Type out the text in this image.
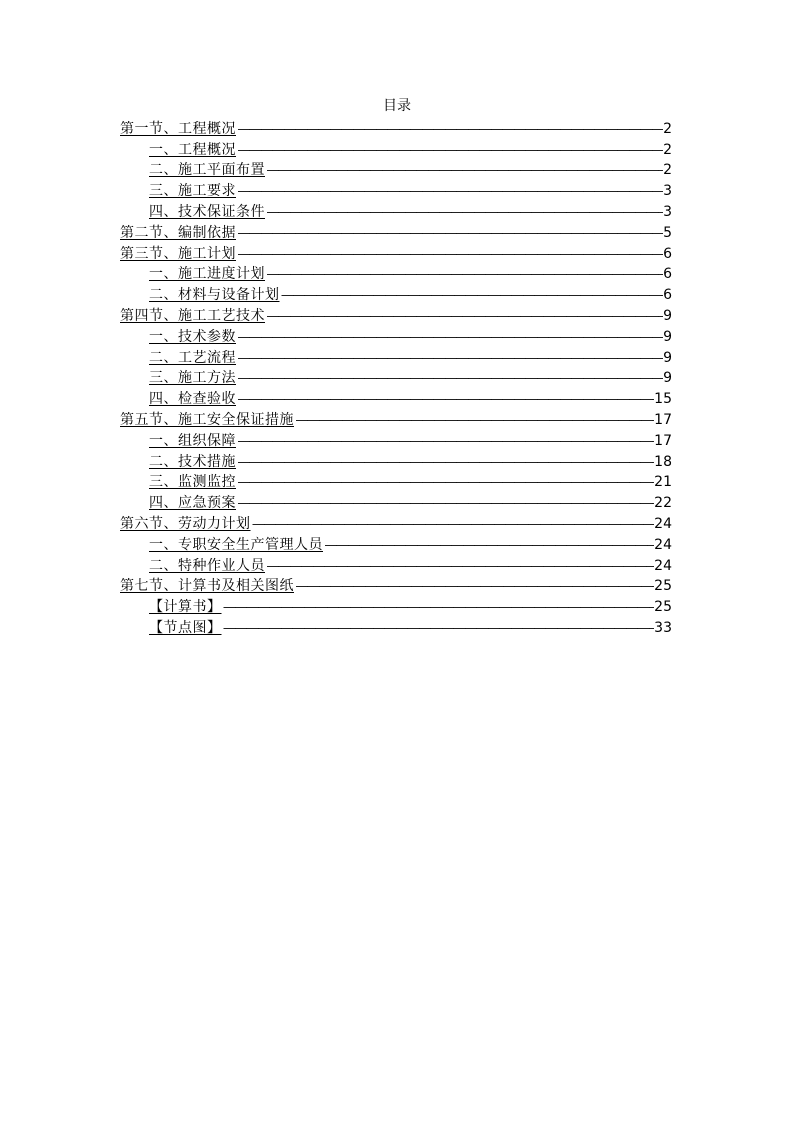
目录
第一节、工程概况 ――――――――――――――――――――――――――――――――――――――――――――――――――――――――――――――――――――――――――――――――――――――――	2
一、工程概况 ――――――――――――――――――――――――――――――――――――――――――――――――――――――――――――――――――――――――――――――――――――――――	2
二、施工平面布置 ――――――――――――――――――――――――――――――――――――――――――――――――――――――――――――――――――――――――――――――――――――――――	2
三、施工要求 ――――――――――――――――――――――――――――――――――――――――――――――――――――――――――――――――――――――――――――――――――――――――	3
四、技术保证条件 ――――――――――――――――――――――――――――――――――――――――――――――――――――――――――――――――――――――――――――――――――――――――	3
第二节、编制依据 ――――――――――――――――――――――――――――――――――――――――――――――――――――――――――――――――――――――――――――――――――――――――	5
第三节、施工计划 ――――――――――――――――――――――――――――――――――――――――――――――――――――――――――――――――――――――――――――――――――――――――	6
一、施工进度计划 ――――――――――――――――――――――――――――――――――――――――――――――――――――――――――――――――――――――――――――――――――――――――	6
二、材料与设备计划 ――――――――――――――――――――――――――――――――――――――――――――――――――――――――――――――――――――――――――――――――――――――――	6
第四节、施工工艺技术 ――――――――――――――――――――――――――――――――――――――――――――――――――――――――――――――――――――――――――――――――――――――――	9
一、技术参数 ――――――――――――――――――――――――――――――――――――――――――――――――――――――――――――――――――――――――――――――――――――――――	9
二、工艺流程 ――――――――――――――――――――――――――――――――――――――――――――――――――――――――――――――――――――――――――――――――――――――――	9
三、施工方法 ――――――――――――――――――――――――――――――――――――――――――――――――――――――――――――――――――――――――――――――――――――――――	9
四、检查验收 ――――――――――――――――――――――――――――――――――――――――――――――――――――――――――――――――――――――――――――――――――――――――	15
第五节、施工安全保证措施 ――――――――――――――――――――――――――――――――――――――――――――――――――――――――――――――――――――――――――――――――――――――――	17
一、组织保障 ――――――――――――――――――――――――――――――――――――――――――――――――――――――――――――――――――――――――――――――――――――――――	17
二、技术措施 ――――――――――――――――――――――――――――――――――――――――――――――――――――――――――――――――――――――――――――――――――――――――	18
三、监测监控 ――――――――――――――――――――――――――――――――――――――――――――――――――――――――――――――――――――――――――――――――――――――――	21
四、应急预案 ――――――――――――――――――――――――――――――――――――――――――――――――――――――――――――――――――――――――――――――――――――――――	22
第六节、劳动力计划 ――――――――――――――――――――――――――――――――――――――――――――――――――――――――――――――――――――――――――――――――――――――――	24
一、专职安全生产管理人员 ――――――――――――――――――――――――――――――――――――――――――――――――――――――――――――――――――――――――――――――――――――――――	24
二、特种作业人员 ――――――――――――――――――――――――――――――――――――――――――――――――――――――――――――――――――――――――――――――――――――――――	24
第七节、计算书及相关图纸 ――――――――――――――――――――――――――――――――――――――――――――――――――――――――――――――――――――――――――――――――――――――――	25
【计算书】 ――――――――――――――――――――――――――――――――――――――――――――――――――――――――――――――――――――――――――――――――――――――――	25
【节点图】 ――――――――――――――――――――――――――――――――――――――――――――――――――――――――――――――――――――――――――――――――――――――――	33
